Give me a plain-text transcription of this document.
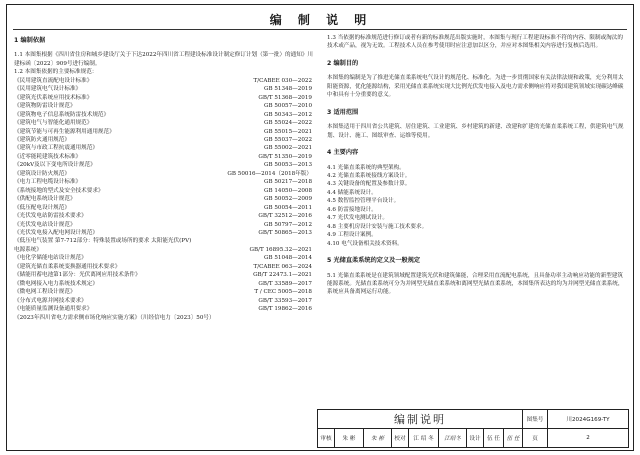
编 制 说 明
1 编制依据
1.1 本图集根据《四川省住房和城乡建设厅关于下达2022年四川省工程建设标准设计制定修订计划（第一批）的通知》川建标函〔2022〕909号进行编制。
1.2 本图集依据的主要标准规范：
《民用建筑直流配电设计标准》	T/CABEE 030—2022
《民用建筑电气设计标准》	GB 51348—2019
《建筑光伏系统应用技术标准》	GB/T 51368—2019
《建筑物防雷设计规范》	GB 50057—2010
《建筑物电子信息系统防雷技术规范》	GB 50343—2012
《建筑电气与智能化通用规范》	GB 55024—2022
《建筑节能与可再生能源利用通用规范》	GB 55015—2021
《建筑防火通用规范》	GB 55037—2022
《建筑与市政工程抗震通用规范》	GB 55002—2021
《近零能耗建筑技术标准》	GB/T 51350—2019
《20kV及以下变电所设计规范》	GB 50053—2013
《建筑设计防火规范》	GB 50016—2014（2018年版）
《电力工程电缆设计标准》	GB 50217—2018
《系统接地的型式及安全技术要求》	GB 14050—2008
《供配电系统设计规范》	GB 50052—2009
《低压配电设计规范》	GB 50054—2011
《光伏发电站防雷技术要求》	GB/T 32512—2016
《光伏发电站设计规范》	GB 50797—2012
《光伏发电接入配电网设计规范》	GB/T 50865—2013
《低压电气装置 第7-712部分：特殊装置或场所的要求 太阳能光伏(PV)
电源系统》	GB/T 16895.32—2021
《电化学储能电站设计规范》	GB 51048—2014
《建筑光储直柔系统变换器通用技术要求》	T/CABEE 063—2024
《储能用蓄电池第1部分：光伏离网应用技术条件》	GB/T 22473.1—2021
《微电网接入电力系统技术规定》	GB/T 33589—2017
《微电网工程设计规范》	T / CEC 5005—2018
《分布式电源并网技术要求》	GB/T 33593—2017
《电能质量监测设备通用要求》	GB/T 19862—2016
《2023年四川省电力需求侧市场化响应实施方案》（川经信电力〔2023〕50号）
1.3 当依据的标准规范进行修订或者有新的标准规范出版实施时，本图集与现行工程建设标准不符的内容、限制或淘汰的技术或产品，视为无效。工程技术人员在参考使用时应注意加以区分，并应对本图集相关内容进行复核后选用。
2 编制目的
本图集的编制是为了推进光储直柔系统电气设计的规范化、标准化。为进一步贯彻国家有关法律法规和政策，充分利用太阳能资源，优化能源结构，采用光储直柔系统实现大比例光伏发电接入及电力需求侧响应将对我国建筑领域实现碳达峰碳中和具有十分重要的意义。
3 适用范围
本图集适用于四川省公共建筑、居住建筑、工业建筑、乡村建筑的新建、改建和扩建的光储直柔系统工程，供建筑电气规划、设计、施工、图纸审查、运维等使用。
4 主要内容
4.1 光储直柔系统的典型架构。
4.2 光储直柔系统接线方案设计。
4.3 关键设备的配置及参数计算。
4.4 储能系统设计。
4.5 数智监控管理平台设计。
4.6 防雷接地设计。
4.7 光伏发电测试设计。
4.8 主要机房设计安装与施工技术要求。
4.9 工程设计案例。
4.10 电气设备相关技术资料。
5 光储直柔系统的定义及一般规定
5.1 光储直柔系统是在建筑领域配置建筑光伏和建筑储能，合理采用直流配电系统，且具备功率主动响应功能的新型建筑能源系统。光储直柔系统可分为并网型光储直柔系统和离网型光储直柔系统，本图集所表达的均为并网型光储直柔系统，系统应具备离网运行功能。
编制说明	图集号	川2024G169-TY
审核	朱 彬	朱 彬	校对	江 绍 冬	江绍冬	设计	伍 任	伍 任	页	2
